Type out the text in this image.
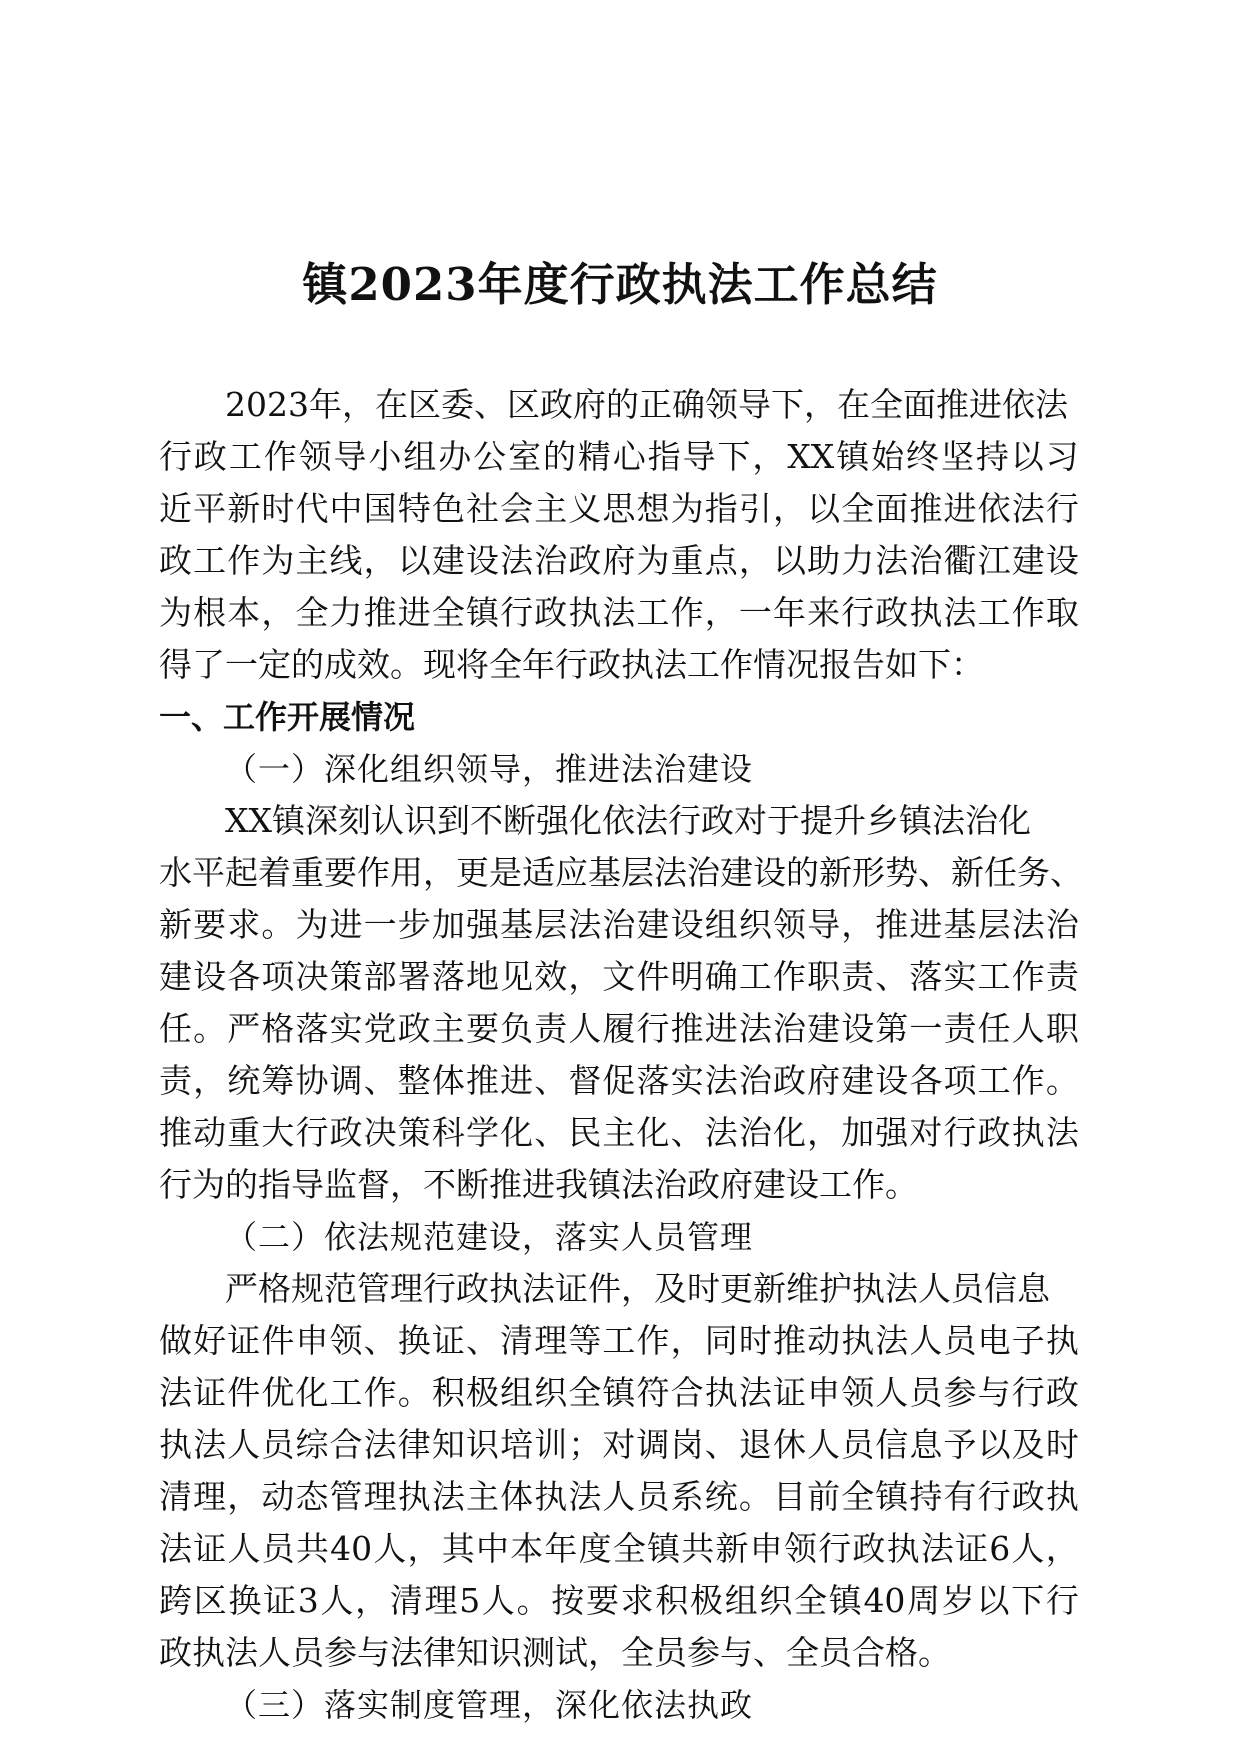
镇2023年度行政执法工作总结
2023年，在区委、区政府的正确领导下，在全面推进依法
行 政 工 作 领 导 小 组 办 公 室 的 精 心 指 导 下 ， XX 镇 始 终 坚 持 以 习
近 平 新 时 代 中 国 特 色 社 会 主 义 思 想 为 指 引 ， 以 全 面 推 进 依 法 行
政 工 作 为 主 线 ， 以 建 设 法 治 政 府 为 重 点 ， 以 助 力 法 治 衢 江 建 设
为 根 本 ， 全 力 推 进 全 镇 行 政 执 法 工 作 ， 一 年 来 行 政 执 法 工 作 取
得了一定的成效。现将全年行政执法工作情况报告如下：
一、工作开展情况
（一）深化组织领导，推进法治建设
XX镇深刻认识到不断强化依法行政对于提升乡镇法治化
水 平 起 着 重 要 作 用 ， 更 是 适 应 基 层 法 治 建 设 的 新 形 势 、 新 任 务 、
新 要 求 。 为 进 一 步 加 强 基 层 法 治 建 设 组 织 领 导 ， 推 进 基 层 法 治
建 设 各 项 决 策 部 署 落 地 见 效 ， 文 件 明 确 工 作 职 责 、 落 实 工 作 责
任 。 严 格 落 实 党 政 主 要 负 责 人 履 行 推 进 法 治 建 设 第 一 责 任 人 职
责 ， 统 筹 协 调 、 整 体 推 进 、 督 促 落 实 法 治 政 府 建 设 各 项 工 作 。
推 动 重 大 行 政 决 策 科 学 化 、 民 主 化 、 法 治 化 ， 加 强 对 行 政 执 法
行为的指导监督，不断推进我镇法治政府建设工作。
（二）依法规范建设，落实人员管理
严格规范管理行政执法证件，及时更新维护执法人员信息
做 好 证 件 申 领 、 换 证 、 清 理 等 工 作 ， 同 时 推 动 执 法 人 员 电 子 执
法 证 件 优 化 工 作 。 积 极 组 织 全 镇 符 合 执 法 证 申 领 人 员 参 与 行 政
执 法 人 员 综 合 法 律 知 识 培 训 ； 对 调 岗 、 退 休 人 员 信 息 予 以 及 时
清 理 ， 动 态 管 理 执 法 主 体 执 法 人 员 系 统 。 目 前 全 镇 持 有 行 政 执
法 证 人 员 共 40 人 ， 其 中 本 年 度 全 镇 共 新 申 领 行 政 执 法 证 6 人 ，
跨 区 换 证 3 人 ， 清 理 5 人 。 按 要 求 积 极 组 织 全 镇 40 周 岁 以 下 行
政执法人员参与法律知识测试，全员参与、全员合格。
（三）落实制度管理，深化依法执政
